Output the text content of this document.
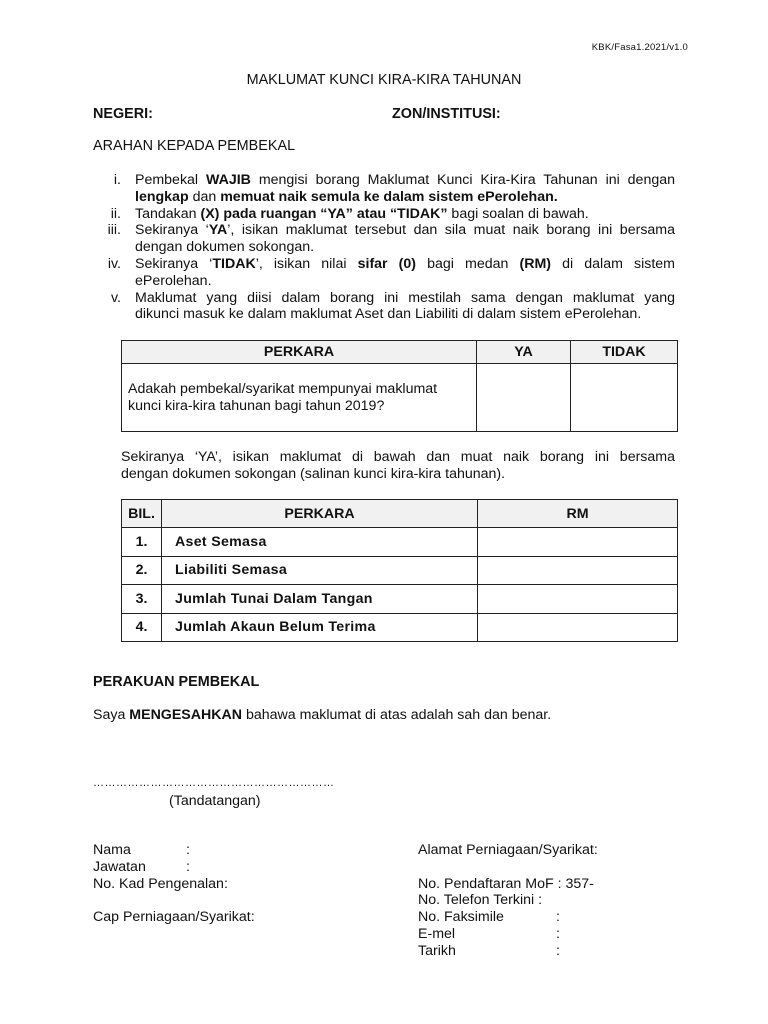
KBK/Fasa1.2021/v1.0
MAKLUMAT KUNCI KIRA-KIRA TAHUNAN
NEGERI:	ZON/INSTITUSI:
ARAHAN KEPADA PEMBEKAL
i. Pembekal WAJIB mengisi borang Maklumat Kunci Kira-Kira Tahunan ini dengan
lengkap dan memuat naik semula ke dalam sistem ePerolehan.
ii. Tandakan (X) pada ruangan “YA” atau “TIDAK” bagi soalan di bawah.
iii. Sekiranya ‘YA’, isikan maklumat tersebut dan sila muat naik borang ini bersama
dengan dokumen sokongan.
iv. Sekiranya ‘TIDAK’, isikan nilai sifar (0) bagi medan (RM) di dalam sistem
ePerolehan.
v. Maklumat yang diisi dalam borang ini mestilah sama dengan maklumat yang
dikunci masuk ke dalam maklumat Aset dan Liabiliti di dalam sistem ePerolehan.
PERKARA	YA	TIDAK

Adakah pembekal/syarikat mempunyai maklumat
kunci kira-kira tahunan bagi tahun 2019?		

Sekiranya ‘YA’, isikan maklumat di bawah dan muat naik borang ini bersama
dengan dokumen sokongan (salinan kunci kira-kira tahunan).
BIL.	PERKARA	RM
1.	Aset Semasa	
2.	Liabiliti Semasa	
3.	Jumlah Tunai Dalam Tangan	
4.	Jumlah Akaun Belum Terima	
PERAKUAN PEMBEKAL
Saya MENGESAHKAN bahawa maklumat di atas adalah sah dan benar.
………………………………………………………
(Tandatangan)
Nama	:
Jawatan	:
No. Kad Pengenalan:
Cap Perniagaan/Syarikat:
Alamat Perniagaan/Syarikat:
No. Pendaftaran MoF : 357-
No. Telefon Terkini :
No. Faksimile	:
E-mel	:
Tarikh	:
